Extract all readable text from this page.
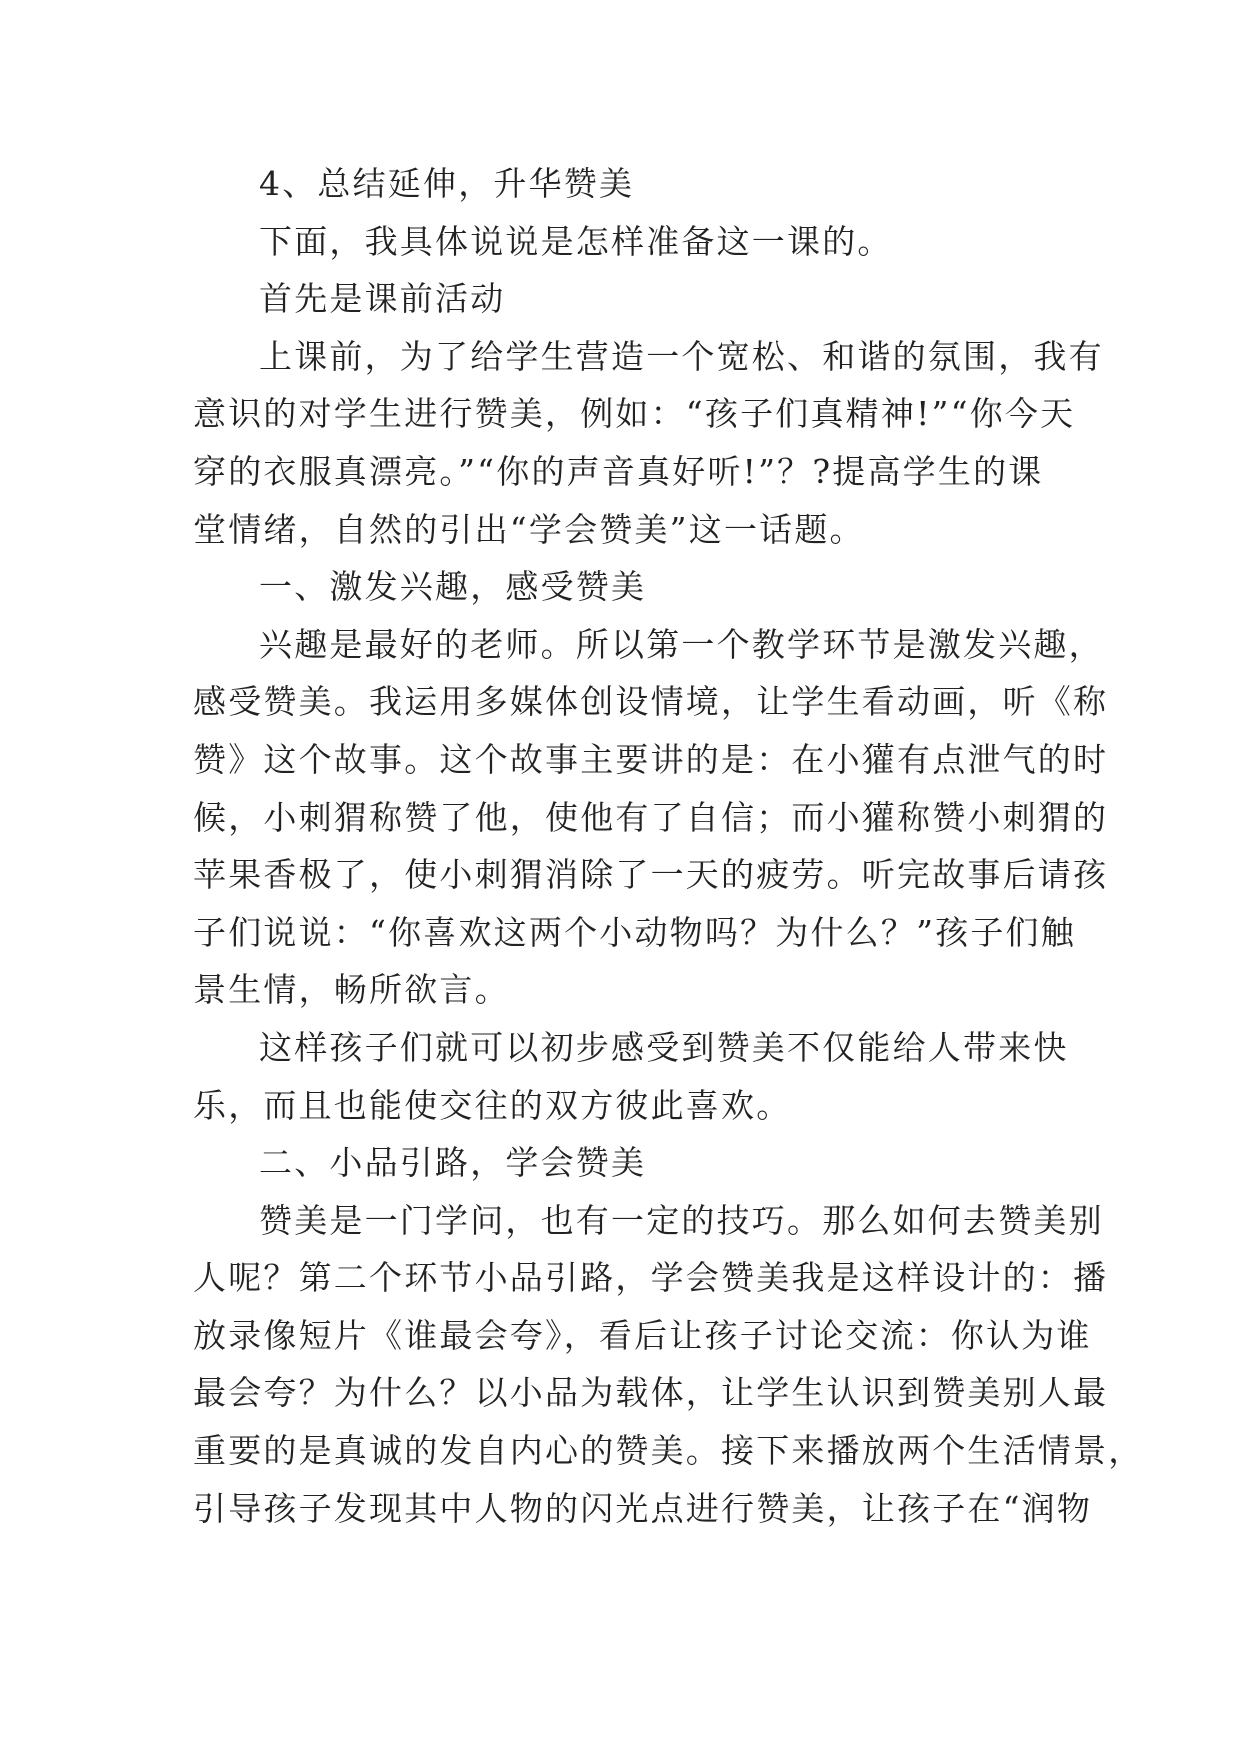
4、总结延伸，升华赞美
下面，我具体说说是怎样准备这一课的。
首先是课前活动
上课前，为了给学生营造一个宽松、和谐的氛围，我有
意识的对学生进行赞美，例如：“孩子们真精神!”“你今天
穿的衣服真漂亮。”“你的声音真好听!”？?提高学生的课
堂情绪，自然的引出“学会赞美”这一话题。
一、激发兴趣，感受赞美
兴趣是最好的老师。所以第一个教学环节是激发兴趣，
感受赞美。我运用多媒体创设情境，让学生看动画，听《称
赞》这个故事。这个故事主要讲的是：在小獾有点泄气的时
候，小刺猬称赞了他，使他有了自信；而小獾称赞小刺猬的
苹果香极了，使小刺猬消除了一天的疲劳。听完故事后请孩
子们说说：“你喜欢这两个小动物吗？为什么？”孩子们触
景生情，畅所欲言。
这样孩子们就可以初步感受到赞美不仅能给人带来快
乐，而且也能使交往的双方彼此喜欢。
二、小品引路，学会赞美
赞美是一门学问，也有一定的技巧。那么如何去赞美别
人呢？第二个环节小品引路，学会赞美我是这样设计的：播
放录像短片《谁最会夸》，看后让孩子讨论交流：你认为谁
最会夸？为什么？以小品为载体，让学生认识到赞美别人最
重要的是真诚的发自内心的赞美。接下来播放两个生活情景，
引导孩子发现其中人物的闪光点进行赞美，让孩子在“润物
